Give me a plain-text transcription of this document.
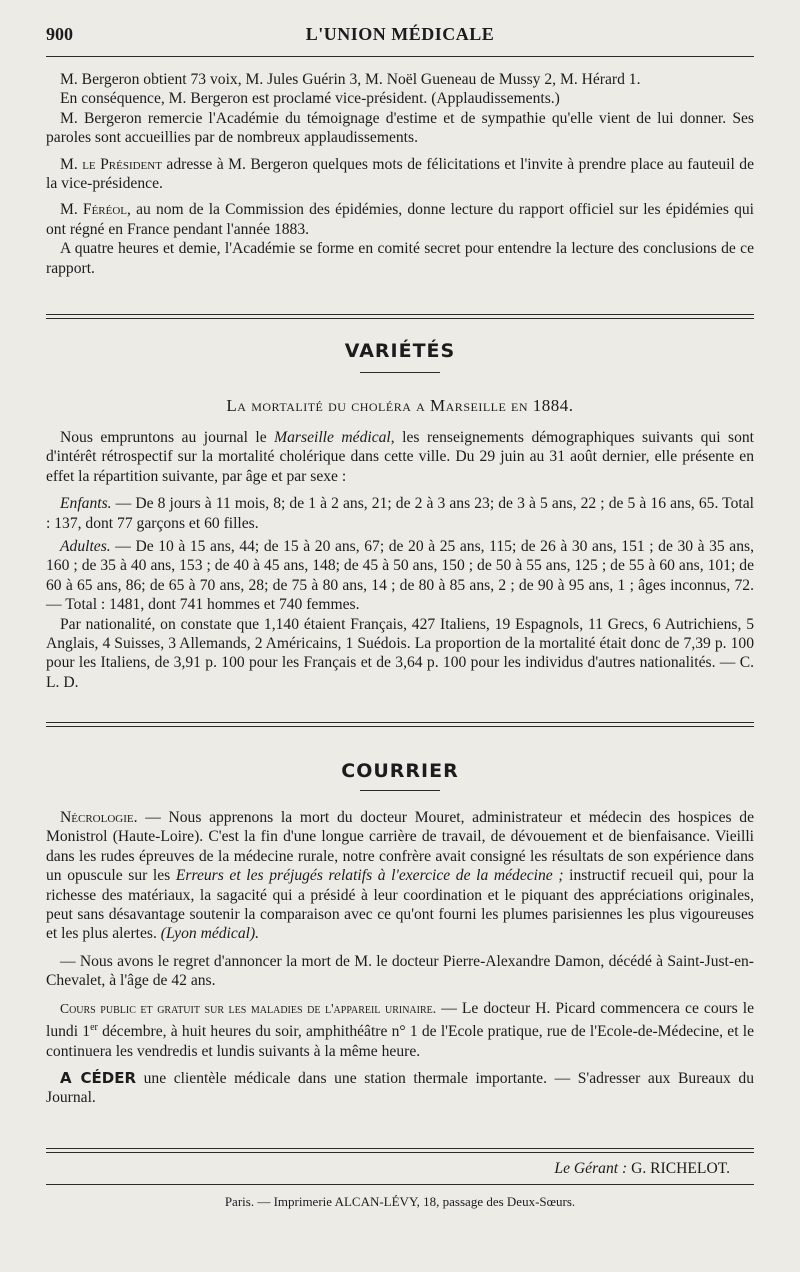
900	L'UNION MÉDICALE

M. Bergeron obtient 73 voix, M. Jules Guérin 3, M. Noël Gueneau de Mussy 2, M. Hérard 1.

En conséquence, M. Bergeron est proclamé vice-président. (Applaudissements.)

M. Bergeron remercie l'Académie du témoignage d'estime et de sympathie qu'elle vient de lui donner. Ses paroles sont accueillies par de nombreux applaudissements.

M. le Président adresse à M. Bergeron quelques mots de félicitations et l'invite à prendre place au fauteuil de la vice-présidence.

M. Féréol, au nom de la Commission des épidémies, donne lecture du rapport officiel sur les épidémies qui ont régné en France pendant l'année 1883.

A quatre heures et demie, l'Académie se forme en comité secret pour entendre la lecture des conclusions de ce rapport.

VARIÉTÉS
La mortalité du choléra a Marseille en 1884.

Nous empruntons au journal le Marseille médical, les renseignements démographiques suivants qui sont d'intérêt rétrospectif sur la mortalité cholérique dans cette ville. Du 29 juin au 31 août dernier, elle présente en effet la répartition suivante, par âge et par sexe :

Enfants. — De 8 jours à 11 mois, 8; de 1 à 2 ans, 21; de 2 à 3 ans 23; de 3 à 5 ans, 22 ; de 5 à 16 ans, 65. Total : 137, dont 77 garçons et 60 filles.

Adultes. — De 10 à 15 ans, 44; de 15 à 20 ans, 67; de 20 à 25 ans, 115; de 26 à 30 ans, 151 ; de 30 à 35 ans, 160 ; de 35 à 40 ans, 153 ; de 40 à 45 ans, 148; de 45 à 50 ans, 150 ; de 50 à 55 ans, 125 ; de 55 à 60 ans, 101; de 60 à 65 ans, 86; de 65 à 70 ans, 28; de 75 à 80 ans, 14 ; de 80 à 85 ans, 2 ; de 90 à 95 ans, 1 ; âges inconnus, 72. — Total : 1481, dont 741 hommes et 740 femmes.

Par nationalité, on constate que 1,140 étaient Français, 427 Italiens, 19 Espagnols, 11 Grecs, 6 Autrichiens, 5 Anglais, 4 Suisses, 3 Allemands, 2 Américains, 1 Suédois. La proportion de la mortalité était donc de 7,39 p. 100 pour les Italiens, de 3,91 p. 100 pour les Français et de 3,64 p. 100 pour les individus d'autres nationalités. — C. L. D.

COURRIER

Nécrologie. — Nous apprenons la mort du docteur Mouret, administrateur et médecin des hospices de Monistrol (Haute-Loire). C'est la fin d'une longue carrière de travail, de dévouement et de bienfaisance. Vieilli dans les rudes épreuves de la médecine rurale, notre confrère avait consigné les résultats de son expérience dans un opuscule sur les Erreurs et les préjugés relatifs à l'exercice de la médecine ; instructif recueil qui, pour la richesse des matériaux, la sagacité qui a présidé à leur coordination et le piquant des appréciations originales, peut sans désavantage soutenir la comparaison avec ce qu'ont fourni les plumes parisiennes les plus vigoureuses et les plus alertes. (Lyon médical).

— Nous avons le regret d'annoncer la mort de M. le docteur Pierre-Alexandre Damon, décédé à Saint-Just-en-Chevalet, à l'âge de 42 ans.

Cours public et gratuit sur les maladies de l'appareil urinaire. — Le docteur H. Picard commencera ce cours le lundi 1er décembre, à huit heures du soir, amphithéâtre n° 1 de l'Ecole pratique, rue de l'Ecole-de-Médecine, et le continuera les vendredis et lundis suivants à la même heure.

A CÉDER une clientèle médicale dans une station thermale importante. — S'adresser aux Bureaux du Journal.

Le Gérant : G. RICHELOT.
Paris. — Imprimerie ALCAN-LÉVY, 18, passage des Deux-Sœurs.
